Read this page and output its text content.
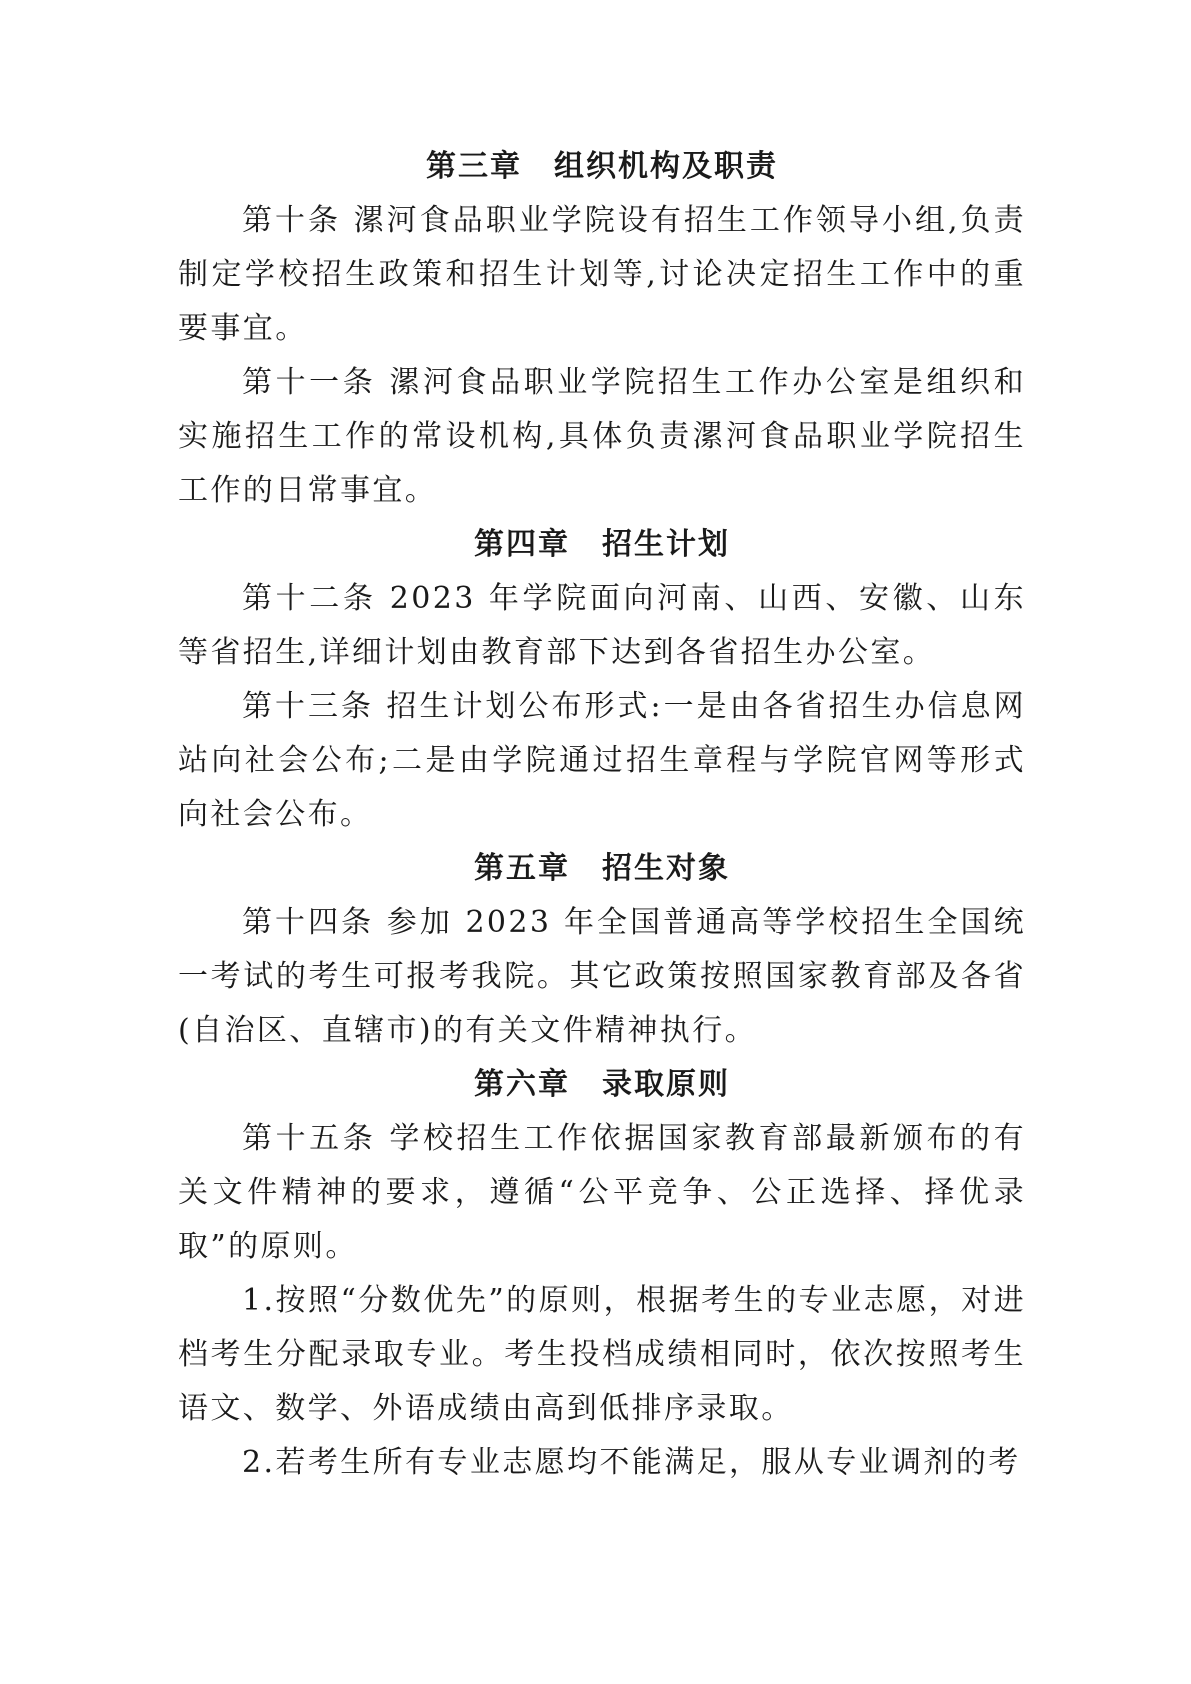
第三章　组织机构及职责

第十条 漯河食品职业学院设有招生工作领导小组,负责制定学校招生政策和招生计划等,讨论决定招生工作中的重要事宜。

第十一条 漯河食品职业学院招生工作办公室是组织和实施招生工作的常设机构,具体负责漯河食品职业学院招生工作的日常事宜。

第四章　招生计划

第十二条 2023 年学院面向河南、山西、安徽、山东等省招生,详细计划由教育部下达到各省招生办公室。

第十三条 招生计划公布形式:一是由各省招生办信息网站向社会公布;二是由学院通过招生章程与学院官网等形式向社会公布。

第五章　招生对象

第十四条 参加 2023 年全国普通高等学校招生全国统一考试的考生可报考我院。其它政策按照国家教育部及各省(自治区、直辖市)的有关文件精神执行。

第六章　录取原则

第十五条 学校招生工作依据国家教育部最新颁布的有关文件精神的要求，遵循“公平竞争、公正选择、择优录取”的原则。

1.按照“分数优先”的原则，根据考生的专业志愿，对进档考生分配录取专业。考生投档成绩相同时，依次按照考生语文、数学、外语成绩由高到低排序录取。

2.若考生所有专业志愿均不能满足，服从专业调剂的考
